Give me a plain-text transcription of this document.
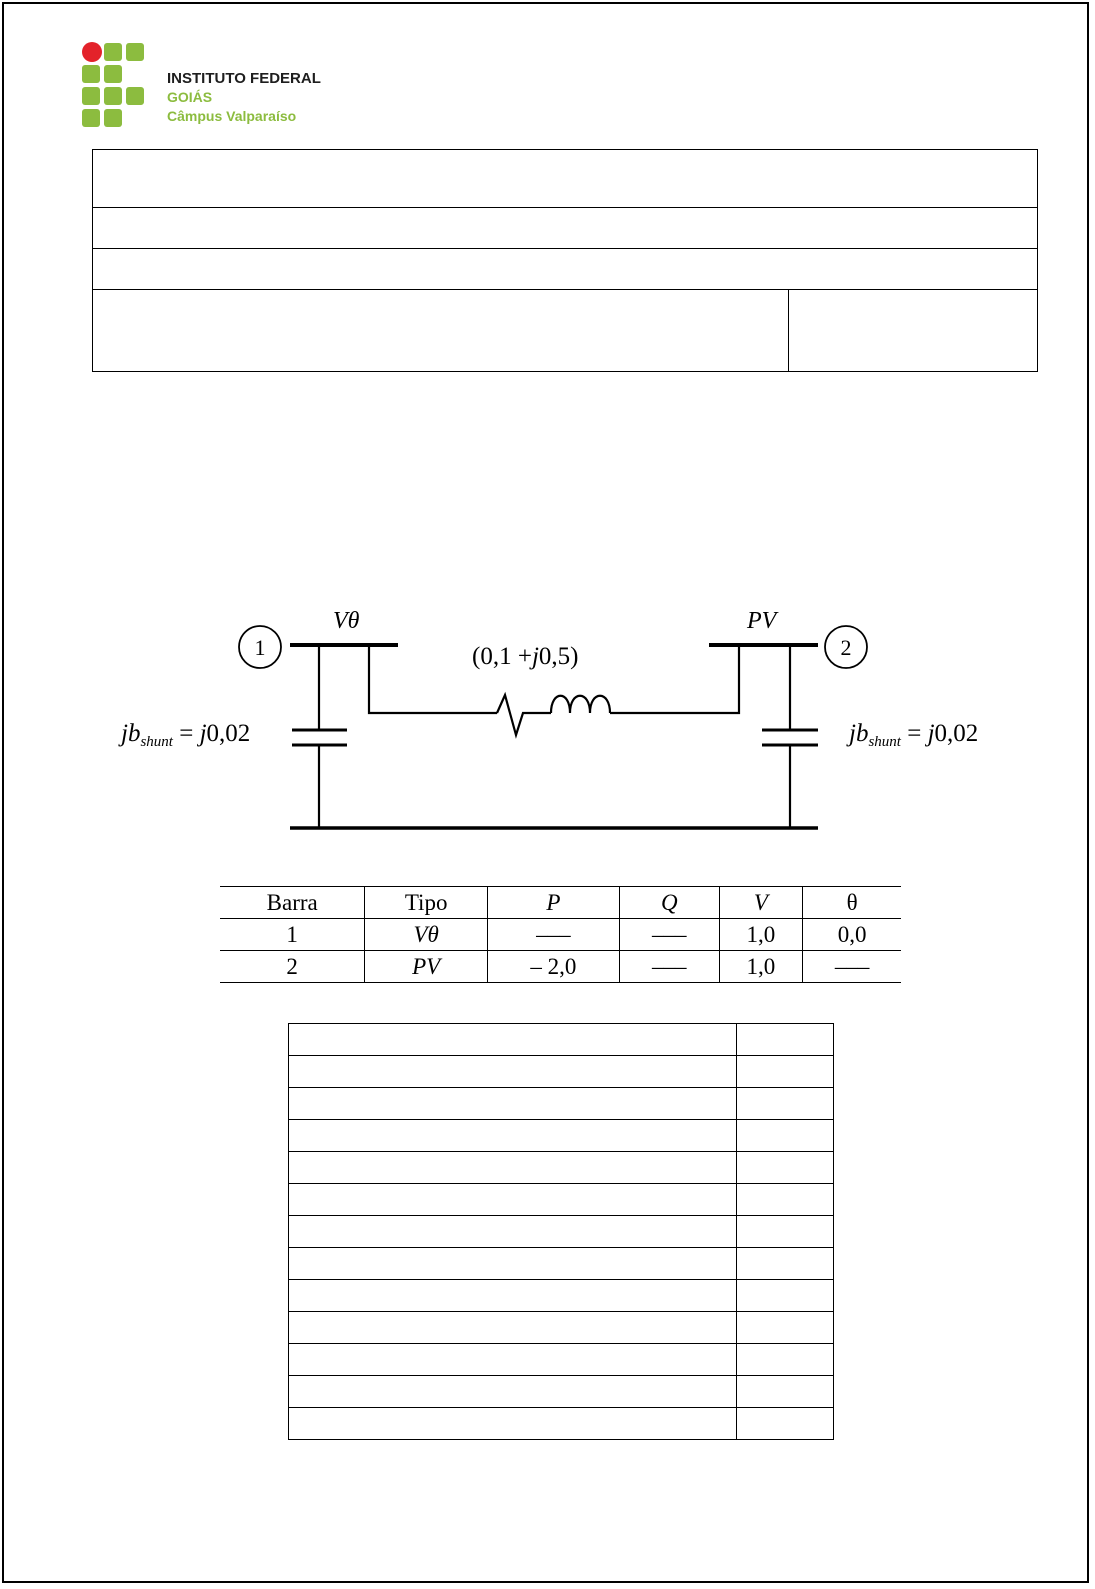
INSTITUTO FEDERAL
GOIÁS
Câmpus Valparaíso

1	2
Vθ	PV
(0,1 +j0,5)
$jb_{shunt} = j0,02$	$jb_{shunt} = j0,02$
Barra	Tipo	P	Q	V	θ
1	Vθ	–––	–––	1,0	0,0
2	PV	– 2,0	–––	1,0	–––
